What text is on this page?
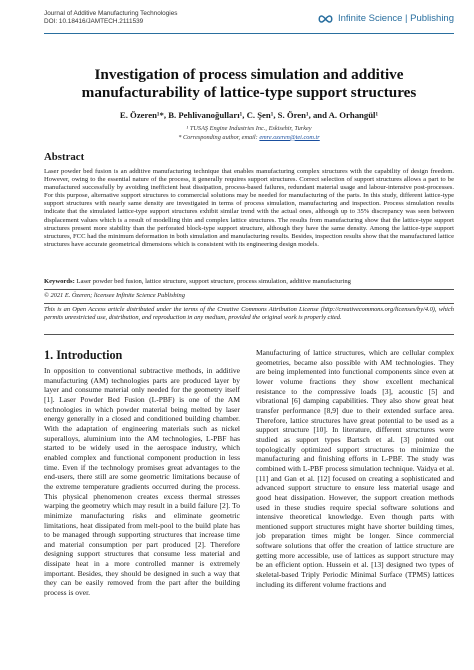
Journal of Additive Manufacturing Technologies
DOI: 10.18416/JAMTECH.2111539	Infinite Science | Publishing
Investigation of process simulation and additive manufacturability of lattice-type support structures
E. Özeren¹*, B. Pehlivanoğulları¹, C. Şen¹, S. Ören¹, and A. Orhangül¹
¹ TUSAŞ Engine Industries Inc., Eskisehir, Turkey
* Corresponding author, email: emre.ozeren@tei.com.tr
Abstract

Laser powder bed fusion is an additive manufacturing technique that enables manufacturing complex structures with the capability of design freedom. However, owing to the essential nature of the process, it generally requires support structures. Correct selection of support structures allows a part to be manufactured successfully by avoiding inefficient heat dissipation, process-based failures, redundant material usage and labour-intensive post-processes. For this purpose, alternative support structures to commercial solutions may be needed for manufacturing of the parts. In this study, different lattice-type support structures with nearly same density are investigated in terms of process simulation, manufacturing and inspection. Process simulation results indicate that the simulated lattice-type support structures exhibit similar trend with the actual ones, although up to 35% discrepancy was seen between displacement values which is a result of modelling thin and complex lattice structures. The results from manufacturing show that the lattice-type support structures present more stability than the perforated block-type support structure, although they have the same density. Among the lattice-type support structures, FCC had the minimum deformation in both simulation and manufacturing results. Besides, inspection results show that the manufactured lattice structures have accurate geometrical dimensions which is consistent with its engineering design models.

Keywords: Laser powder bed fusion, lattice structure, support structure, process simulation, additive manufacturing

© 2021 E. Özeren; licensee Infinite Science Publishing

This is an Open Access article distributed under the terms of the Creative Commons Attribution License (http://creativecommons.org/licenses/by/4.0), which permits unrestricted use, distribution, and reproduction in any medium, provided the original work is properly cited.

1. Introduction

In opposition to conventional subtractive methods, in additive manufacturing (AM) technologies parts are produced layer by layer and consume material only needed for the geometry itself [1]. Laser Powder Bed Fusion (L-PBF) is one of the AM technologies in which powder material being melted by laser energy generally in a closed and conditioned building chamber. With the adaptation of engineering materials such as nickel superalloys, aluminium into the AM technologies, L-PBF has started to be widely used in the aerospace industry, which enabled complex and functional component production in less time. Even if the technology promises great advantages to the end-users, there still are some geometric limitations because of the extreme temperature gradients occurred during the process. This physical phenomenon creates excess thermal stresses warping the geometry which may result in a build failure [2]. To minimize manufacturing risks and eliminate geometric limitations, heat dissipated from melt-pool to the build plate has to be managed through supporting structures that increase time and material consumption per part produced [2]. Therefore designing support structures that consume less material and dissipate heat in a more controlled manner is extremely important. Besides, they should be designed in such a way that they can be easily removed from the part after the building process is over.

Manufacturing of lattice structures, which are cellular complex geometries, became also possible with AM technologies. They are being implemented into functional components since even at lower volume fractions they show excellent mechanical resistance to the compressive loads [3], acoustic [5] and vibrational [6] damping capabilities. They also show great heat transfer performance [8,9] due to their extended surface area. Therefore, lattice structures have great potential to be used as a support structure [10]. In literature, different structures were studied as support types Bartsch et al. [3] pointed out topologically optimized support structures to minimize the manufacturing and finishing efforts in L-PBF. The study was combined with L-PBF process simulation technique. Vaidya et al. [11] and Gan et al. [12] focused on creating a sophisticated and advanced support structure to ensure less material usage and good heat dissipation. However, the support creation methods used in these studies require special software solutions and intensive theoretical knowledge. Even though parts with mentioned support structures might have shorter building times, job preparation times might be longer. Since commercial software solutions that offer the creation of lattice structure are getting more accessible, use of lattices as support structure may be an efficient option. Hussein et al. [13] designed two types of skeletal-based Triply Periodic Minimal Surface (TPMS) lattices including its different volume fractions and
